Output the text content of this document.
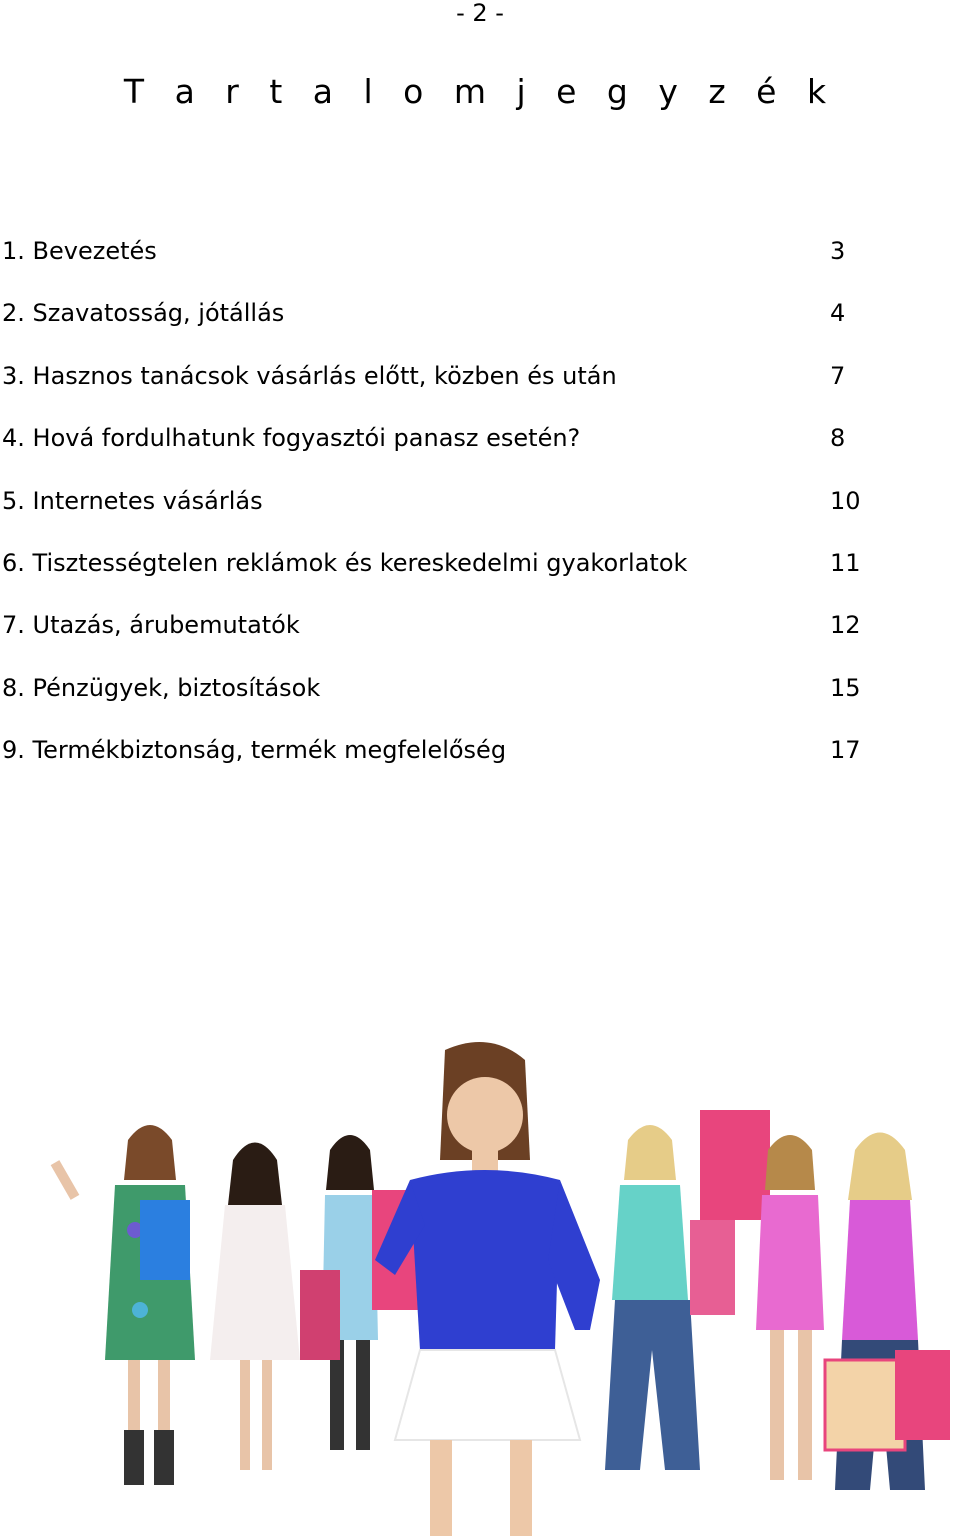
- 2 -
T a r t a l o m j e g y z é k
1. Bevezetés	3
2. Szavatosság, jótállás	4
3. Hasznos tanácsok vásárlás előtt, közben és után	7
4. Hová fordulhatunk fogyasztói panasz esetén?	8
5. Internetes vásárlás	10
6. Tisztességtelen reklámok és kereskedelmi gyakorlatok	11
7. Utazás, árubemutatók	12
8. Pénzügyek, biztosítások	15
9. Termékbiztonság, termék megfelelőség	17
